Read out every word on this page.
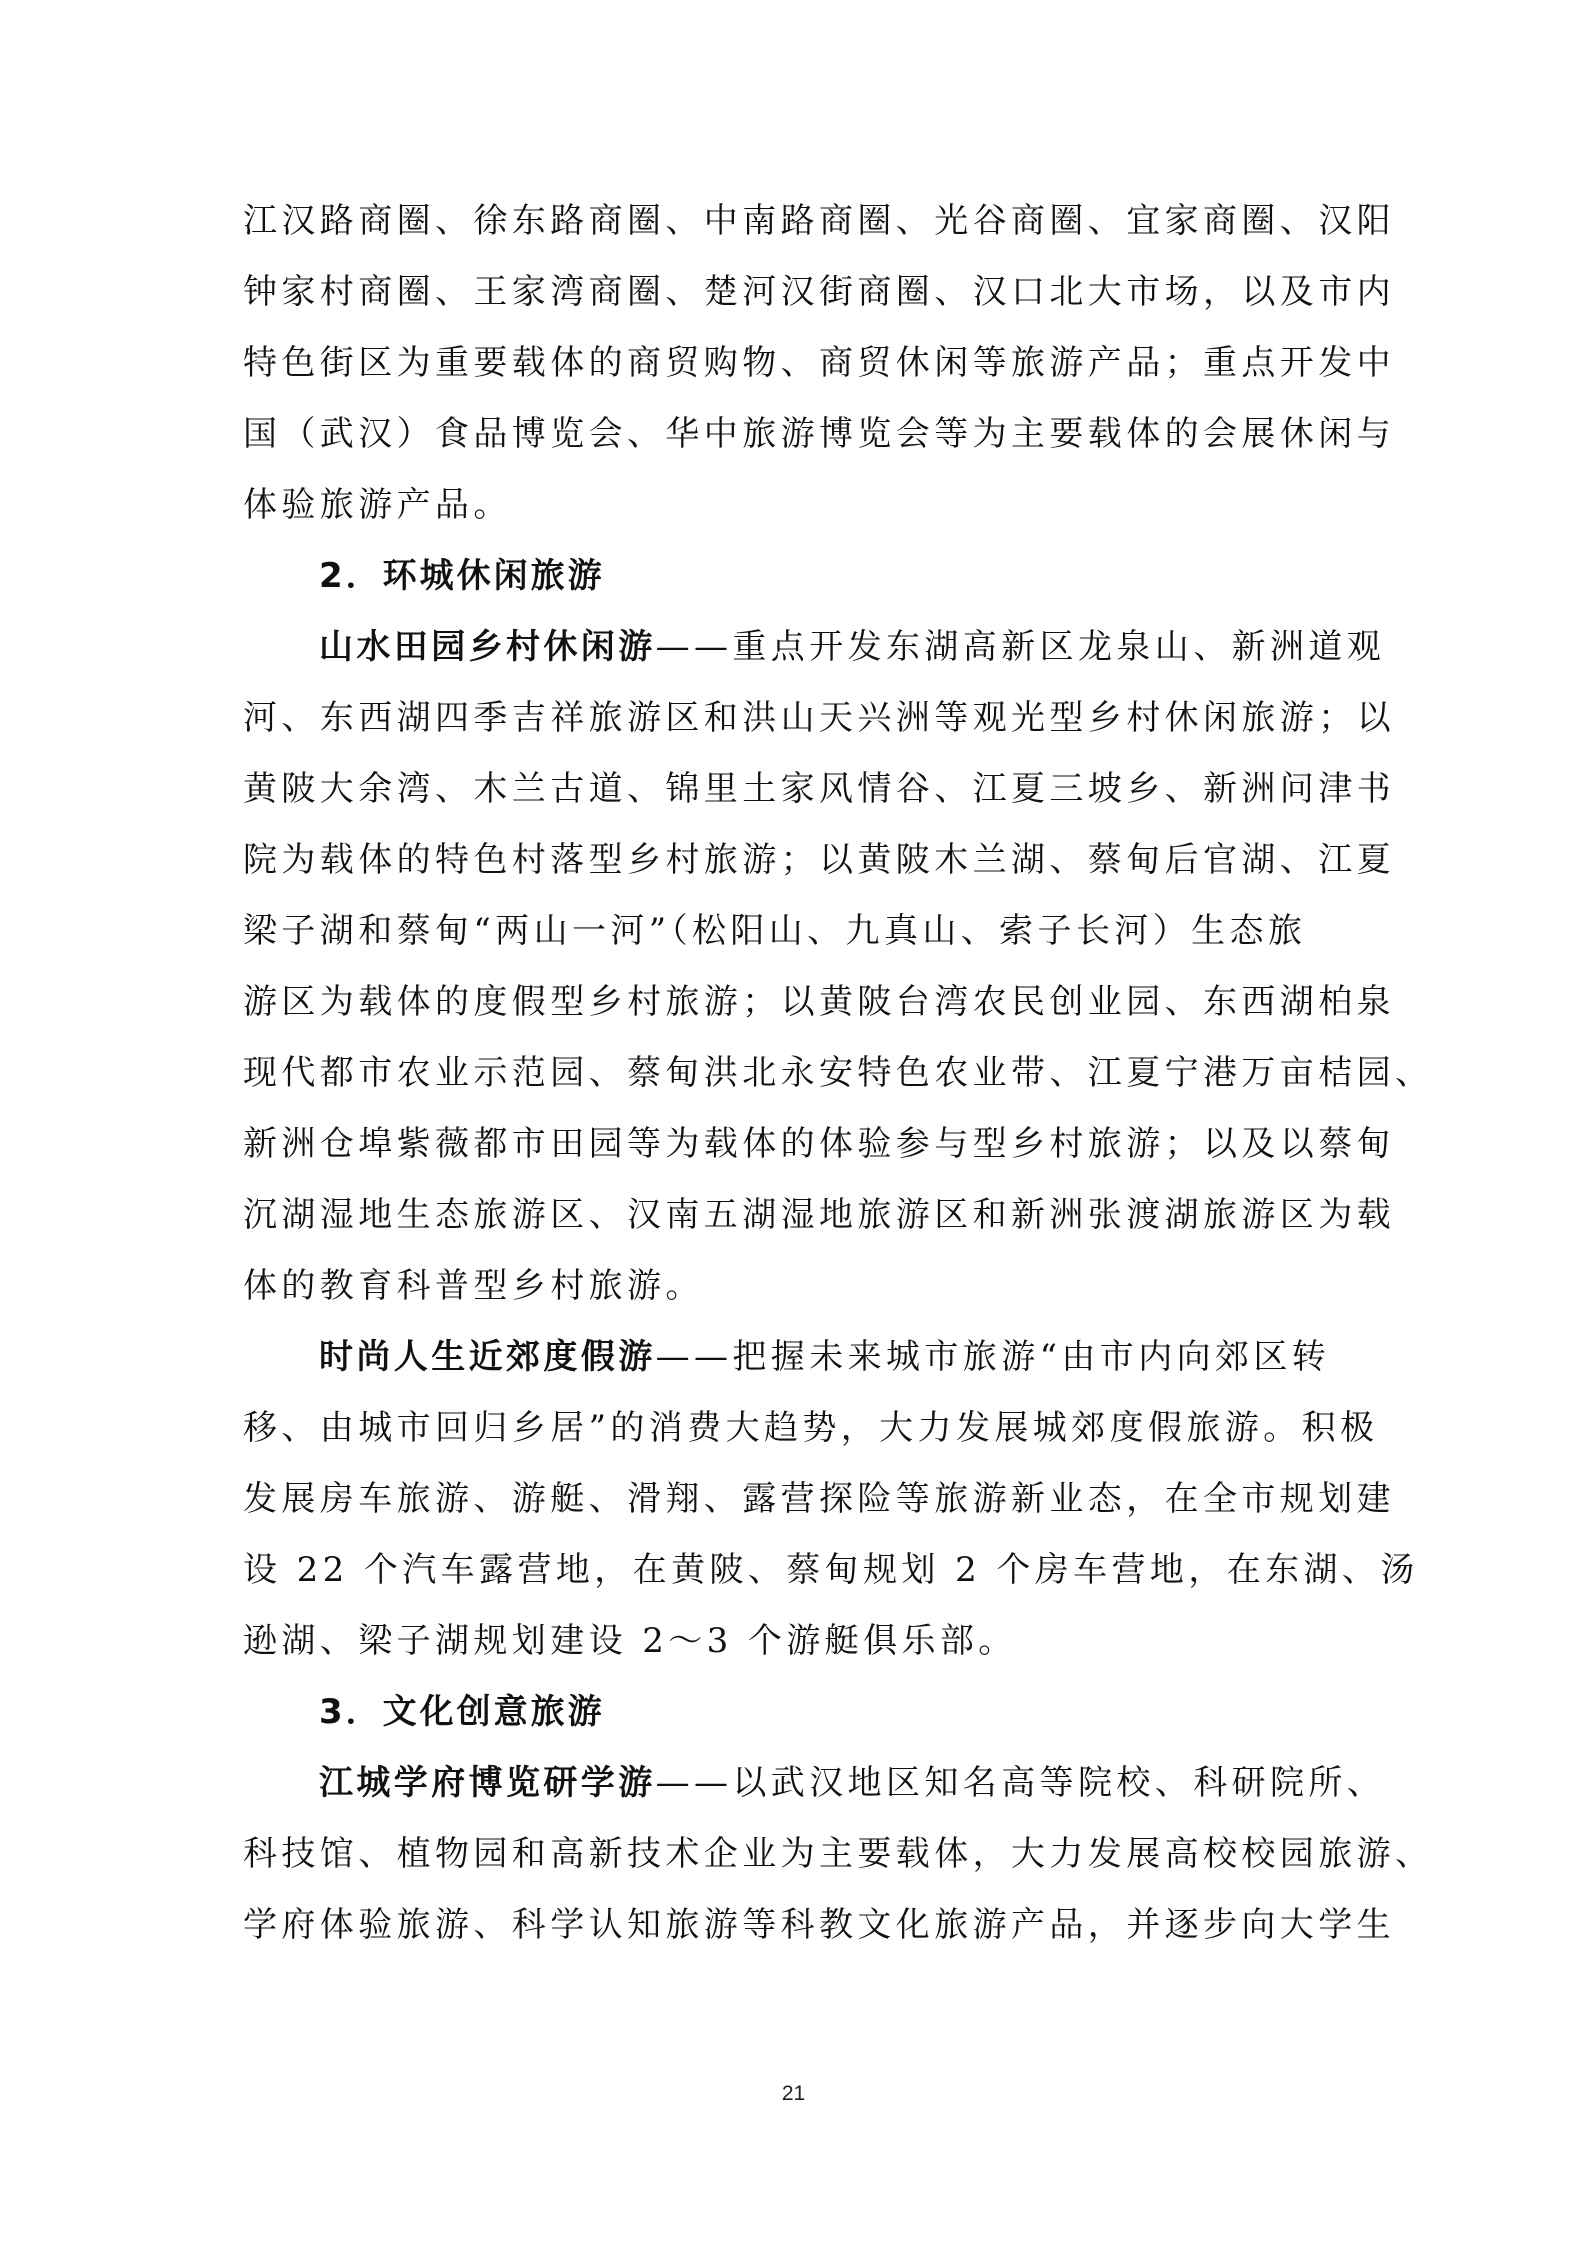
江汉路商圈、徐东路商圈、中南路商圈、光谷商圈、宜家商圈、汉阳
钟家村商圈、王家湾商圈、楚河汉街商圈、汉口北大市场，以及市内
特色街区为重要载体的商贸购物、商贸休闲等旅游产品；重点开发中
国（武汉）食品博览会、华中旅游博览会等为主要载体的会展休闲与
体验旅游产品。
2．环城休闲旅游
山水田园乡村休闲游——重点开发东湖高新区龙泉山、新洲道观
河、东西湖四季吉祥旅游区和洪山天兴洲等观光型乡村休闲旅游；以
黄陂大余湾、木兰古道、锦里土家风情谷、江夏三坡乡、新洲问津书
院为载体的特色村落型乡村旅游；以黄陂木兰湖、蔡甸后官湖、江夏
梁子湖和蔡甸“两山一河”（松阳山、九真山、索子长河）生态旅
游区为载体的度假型乡村旅游；以黄陂台湾农民创业园、东西湖柏泉
现代都市农业示范园、蔡甸洪北永安特色农业带、江夏宁港万亩桔园、
新洲仓埠紫薇都市田园等为载体的体验参与型乡村旅游；以及以蔡甸
沉湖湿地生态旅游区、汉南五湖湿地旅游区和新洲张渡湖旅游区为载
体的教育科普型乡村旅游。
时尚人生近郊度假游——把握未来城市旅游“由市内向郊区转
移、由城市回归乡居”的消费大趋势，大力发展城郊度假旅游。积极
发展房车旅游、游艇、滑翔、露营探险等旅游新业态，在全市规划建
设 22 个汽车露营地，在黄陂、蔡甸规划 2 个房车营地，在东湖、汤
逊湖、梁子湖规划建设 2～3 个游艇俱乐部。
3．文化创意旅游
江城学府博览研学游——以武汉地区知名高等院校、科研院所、
科技馆、植物园和高新技术企业为主要载体，大力发展高校校园旅游、
学府体验旅游、科学认知旅游等科教文化旅游产品，并逐步向大学生
21
